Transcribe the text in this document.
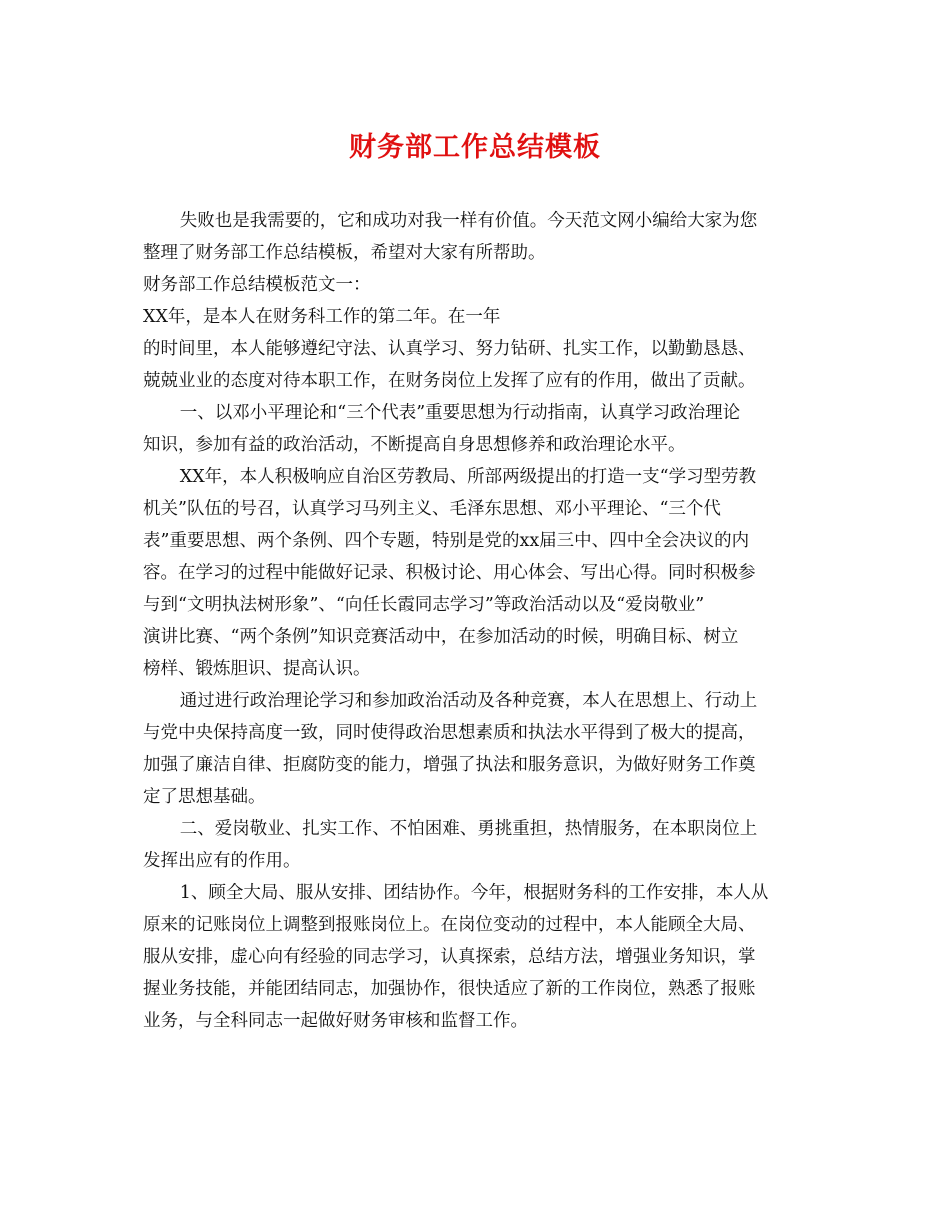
财务部工作总结模板
失败也是我需要的，它和成功对我一样有价值。今天范文网小编给大家为您
整理了财务部工作总结模板，希望对大家有所帮助。
财务部工作总结模板范文一：
XX年，是本人在财务科工作的第二年。在一年
的时间里，本人能够遵纪守法、认真学习、努力钻研、扎实工作，以勤勤恳恳、
兢兢业业的态度对待本职工作，在财务岗位上发挥了应有的作用，做出了贡献。
一、以邓小平理论和“三个代表”重要思想为行动指南，认真学习政治理论
知识，参加有益的政治活动，不断提高自身思想修养和政治理论水平。
XX年，本人积极响应自治区劳教局、所部两级提出的打造一支“学习型劳教
机关”队伍的号召，认真学习马列主义、毛泽东思想、邓小平理论、“三个代
表”重要思想、两个条例、四个专题，特别是党的xx届三中、四中全会决议的内
容。在学习的过程中能做好记录、积极讨论、用心体会、写出心得。同时积极参
与到“文明执法树形象”、“向任长霞同志学习”等政治活动以及“爱岗敬业”
演讲比赛、“两个条例”知识竞赛活动中，在参加活动的时候，明确目标、树立
榜样、锻炼胆识、提高认识。
通过进行政治理论学习和参加政治活动及各种竞赛，本人在思想上、行动上
与党中央保持高度一致，同时使得政治思想素质和执法水平得到了极大的提高，
加强了廉洁自律、拒腐防变的能力，增强了执法和服务意识，为做好财务工作奠
定了思想基础。
二、爱岗敬业、扎实工作、不怕困难、勇挑重担，热情服务，在本职岗位上
发挥出应有的作用。
1、顾全大局、服从安排、团结协作。今年，根据财务科的工作安排，本人从
原来的记账岗位上调整到报账岗位上。在岗位变动的过程中，本人能顾全大局、
服从安排，虚心向有经验的同志学习，认真探索，总结方法，增强业务知识，掌
握业务技能，并能团结同志，加强协作，很快适应了新的工作岗位，熟悉了报账
业务，与全科同志一起做好财务审核和监督工作。
